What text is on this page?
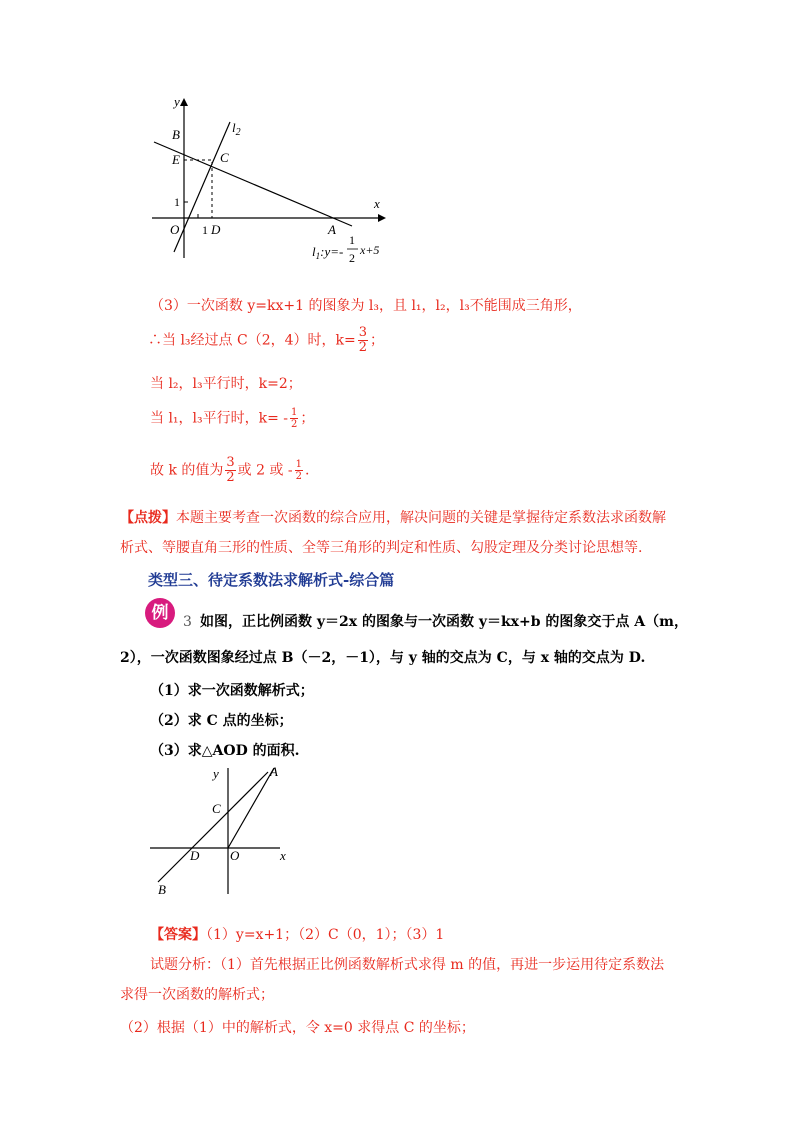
y
x
B	$l_2$
E	C
1
O 1 D	A
$l_1:y=-$
1
2
x+5
（3）一次函数 y=kx+1 的图象为 l₃，且 l₁，l₂，l₃不能围成三角形，
∴当 l₃经过点 C（2，4）时，$k= \frac{3}{2}$ ；
当 l₂，l₃平行时，k=2；
当 l₁，l₃平行时，$k= - \frac{1}{2}$ ；
故 k 的值为 $\frac{3}{2}$ 或 2 或 - $\frac{1}{2}$ .
【点拨】本题主要考查一次函数的综合应用，解决问题的关键是掌握待定系数法求函数解
析式、等腰直角三形的性质、全等三角形的判定和性质、勾股定理及分类讨论思想等.
类型三、待定系数法求解析式-综合篇
例	3 如图，正比例函数 y＝2x 的图象与一次函数 y＝kx+b 的图象交于点 A（m，
2），一次函数图象经过点 B（－2，－1），与 y 轴的交点为 C，与 x 轴的交点为 D.
（1）求一次函数解析式；
（2）求 C 点的坐标；
（3）求△AOD 的面积.
y	A
C
D O	x
B
【答案】（1）y=x+1；（2）C（0，1）；（3）1
试题分析：（1）首先根据正比例函数解析式求得 m 的值，再进一步运用待定系数法
求得一次函数的解析式；
（2）根据（1）中的解析式，令 x=0 求得点 C 的坐标；
